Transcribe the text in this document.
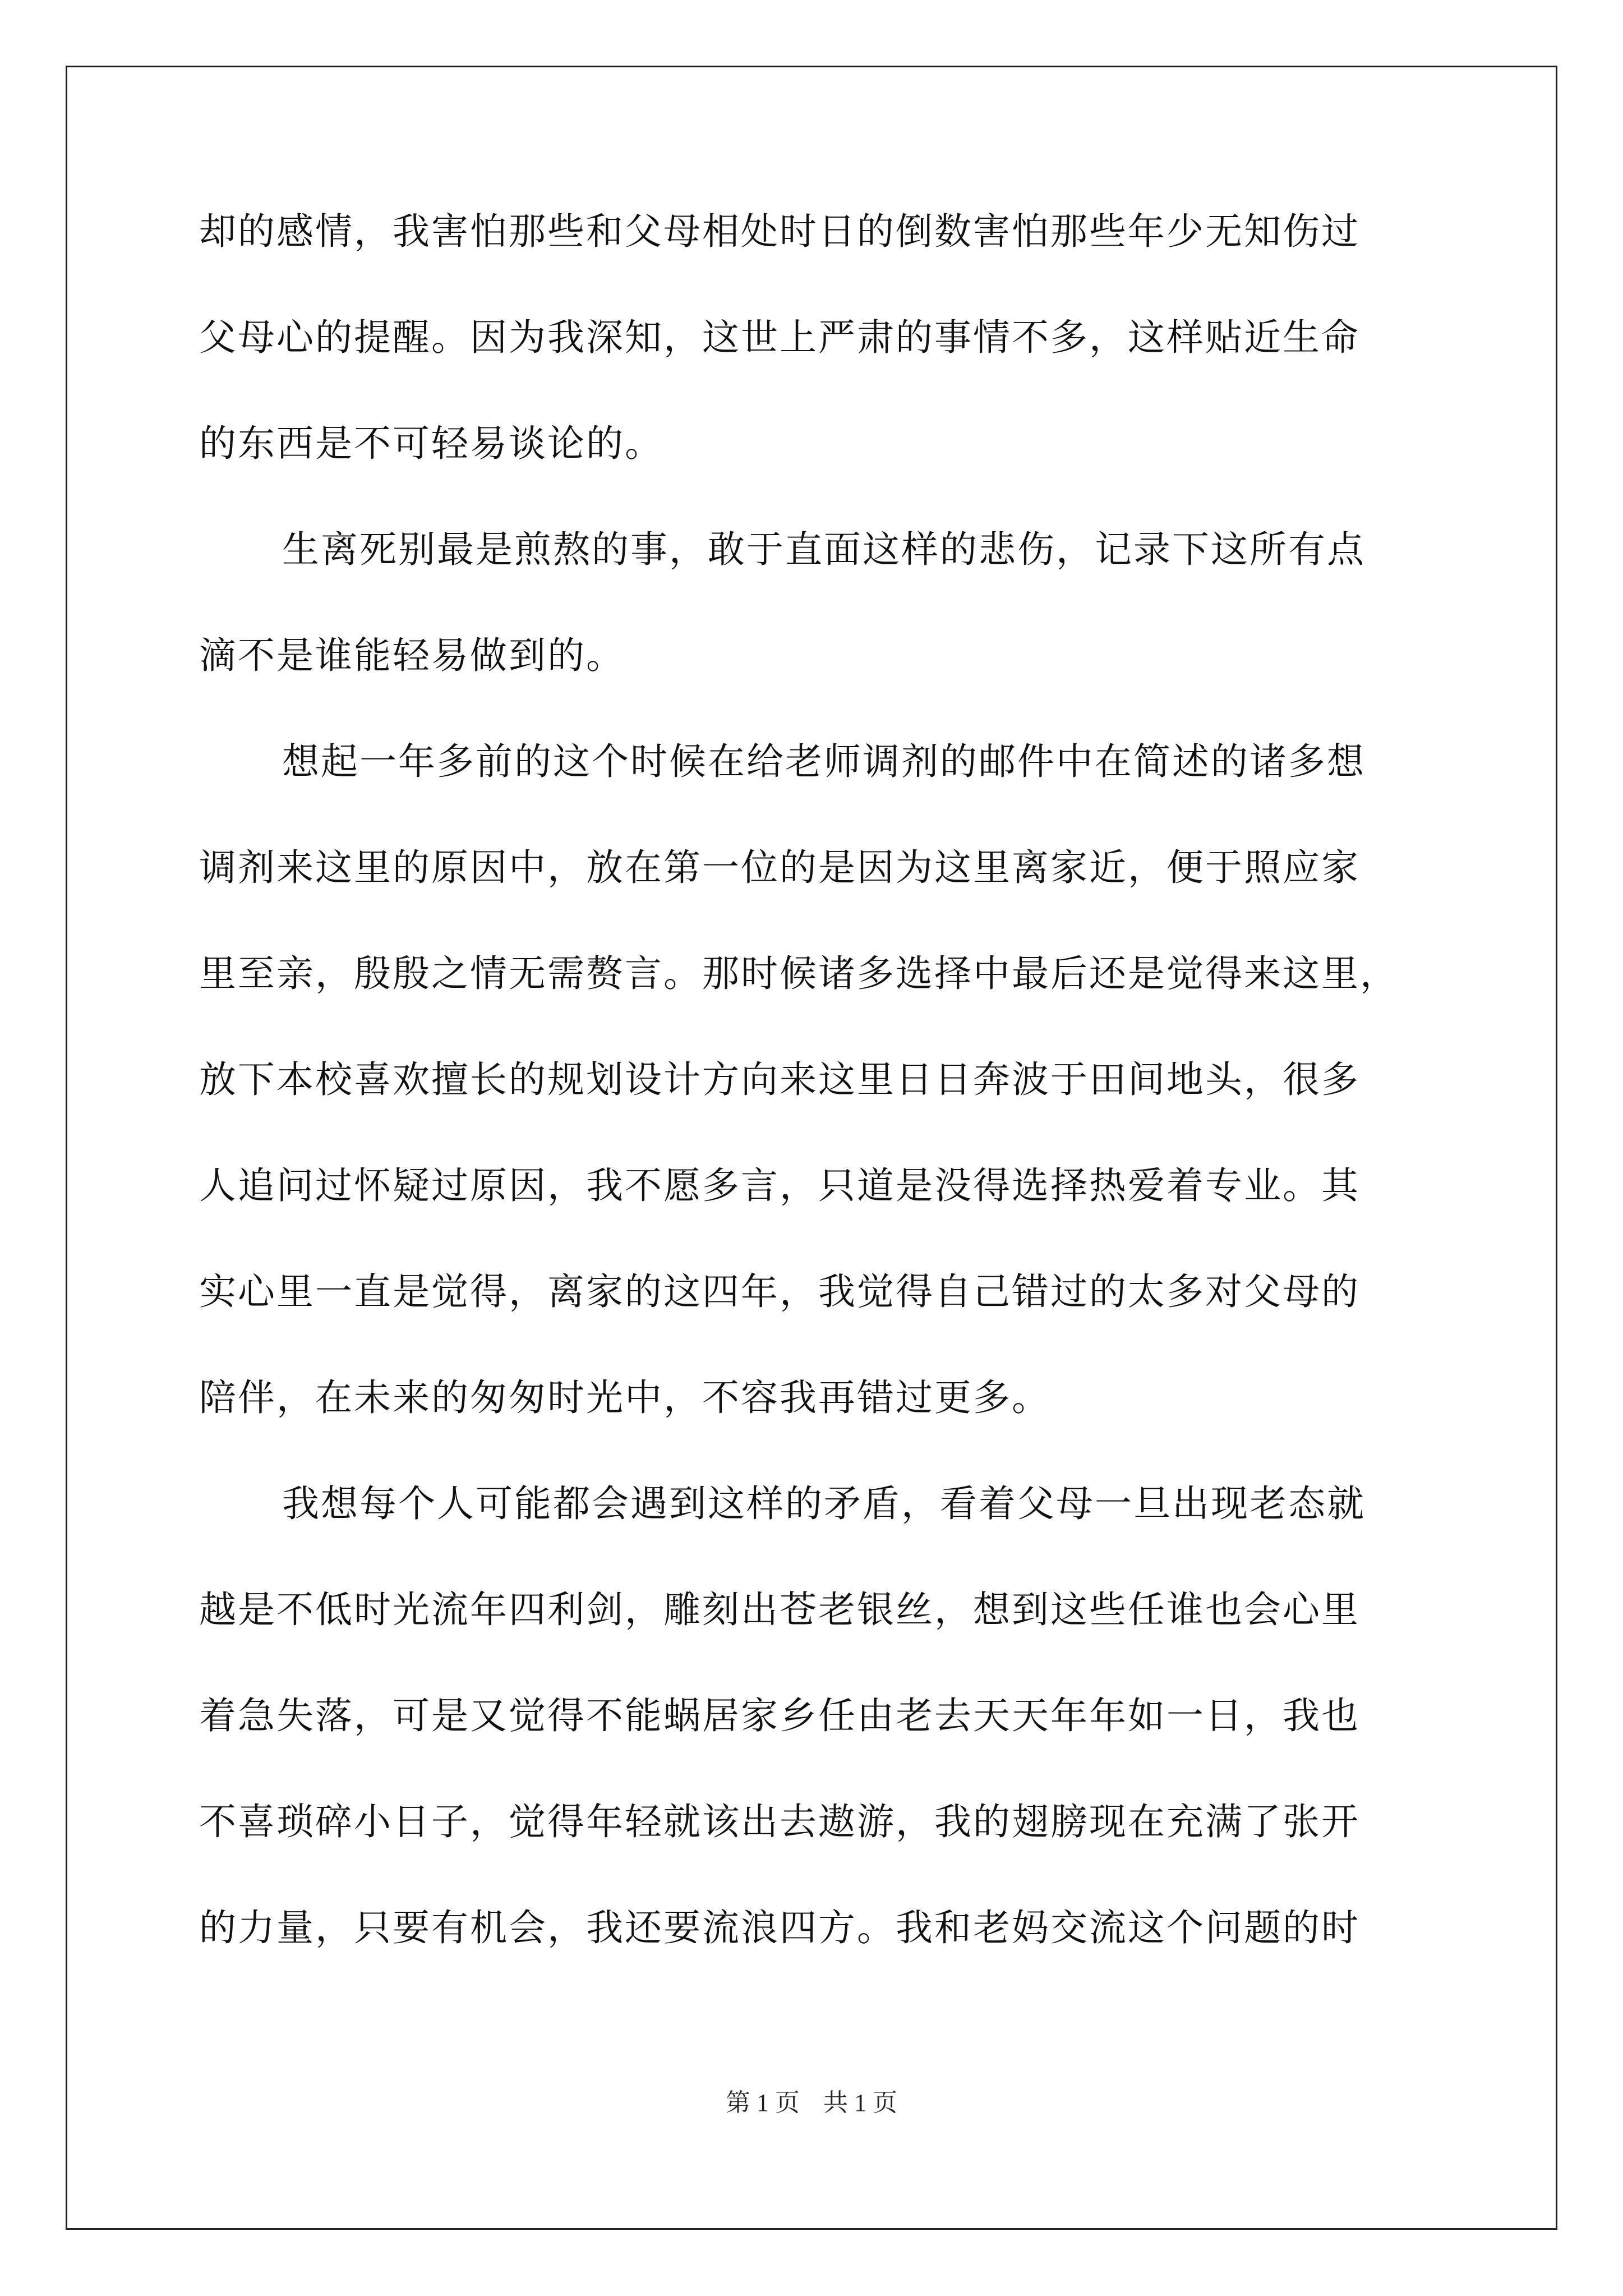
却的感情，我害怕那些和父母相处时日的倒数害怕那些年少无知伤过
父母心的提醒。因为我深知，这世上严肃的事情不多，这样贴近生命
的东西是不可轻易谈论的。
生离死别最是煎熬的事，敢于直面这样的悲伤，记录下这所有点
滴不是谁能轻易做到的。
想起一年多前的这个时候在给老师调剂的邮件中在简述的诸多想
调剂来这里的原因中，放在第一位的是因为这里离家近，便于照应家
里至亲，殷殷之情无需赘言。那时候诸多选择中最后还是觉得来这里，
放下本校喜欢擅长的规划设计方向来这里日日奔波于田间地头，很多
人追问过怀疑过原因，我不愿多言，只道是没得选择热爱着专业。其
实心里一直是觉得，离家的这四年，我觉得自己错过的太多对父母的
陪伴，在未来的匆匆时光中，不容我再错过更多。
我想每个人可能都会遇到这样的矛盾，看着父母一旦出现老态就
越是不低时光流年四利剑，雕刻出苍老银丝，想到这些任谁也会心里
着急失落，可是又觉得不能蜗居家乡任由老去天天年年如一日，我也
不喜琐碎小日子，觉得年轻就该出去遨游，我的翅膀现在充满了张开
的力量，只要有机会，我还要流浪四方。我和老妈交流这个问题的时
第 1 页 共 1 页
